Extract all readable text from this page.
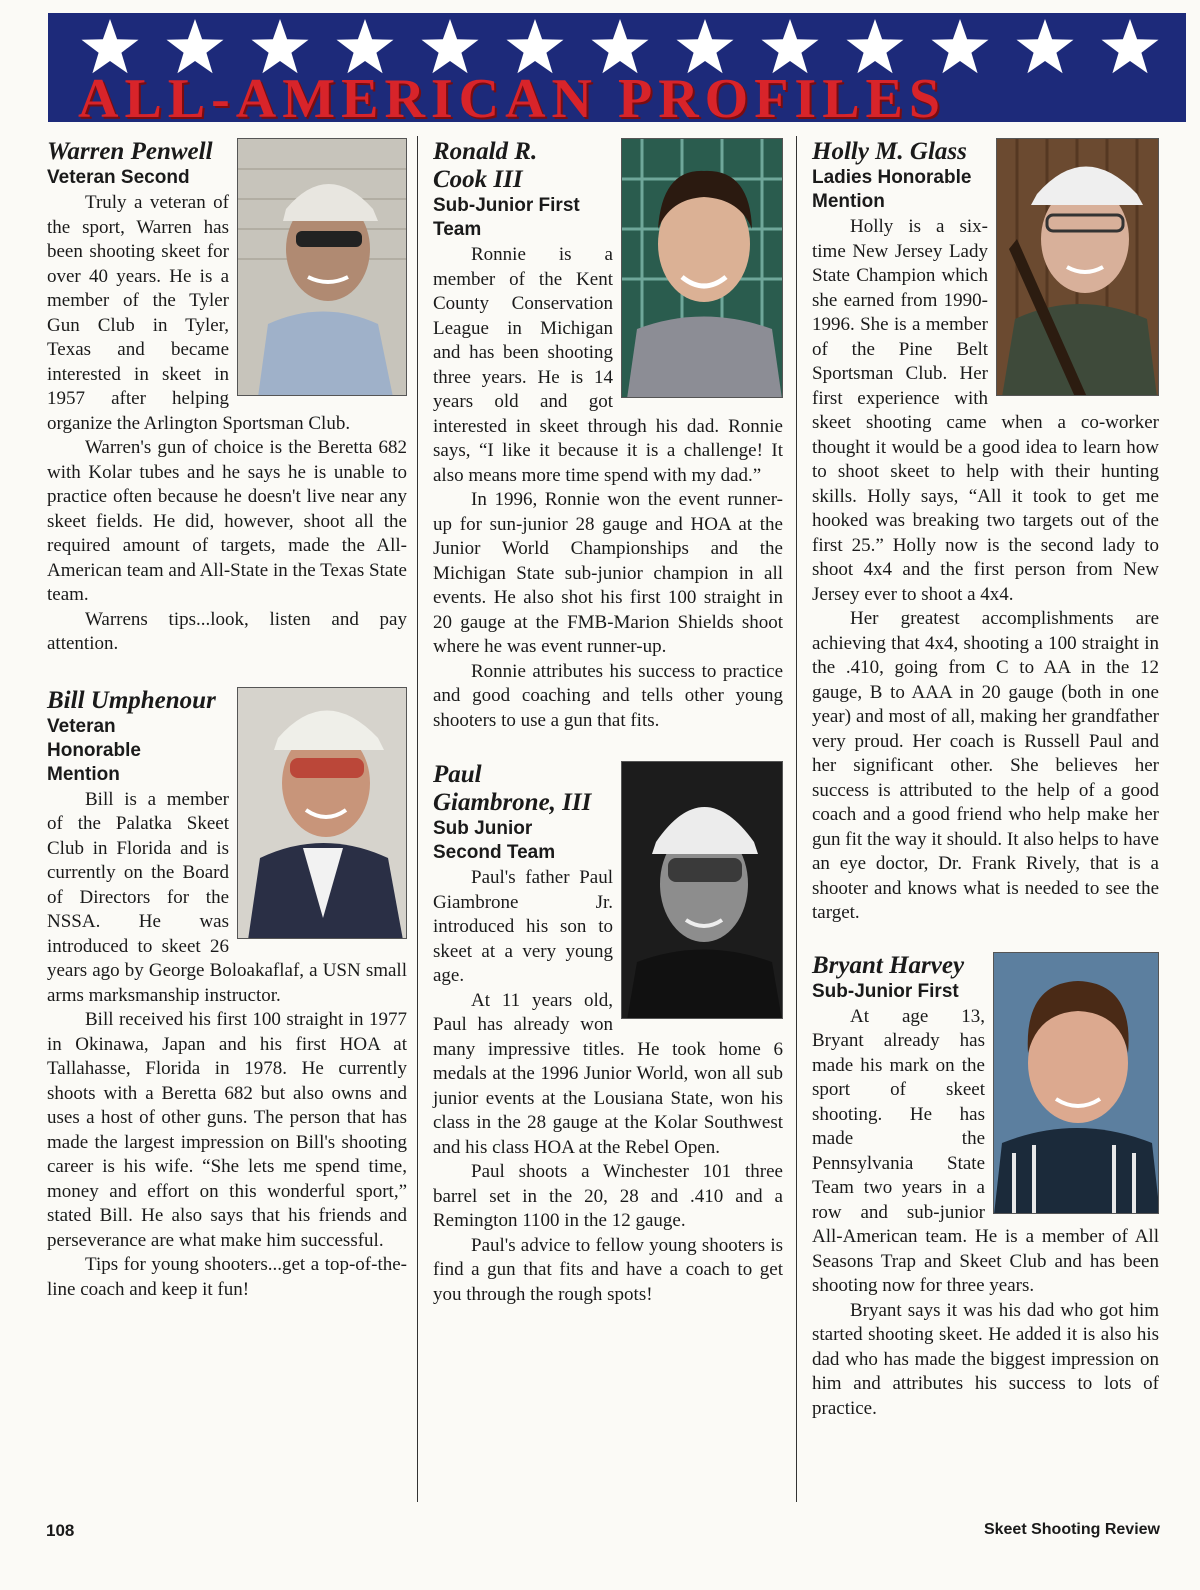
ALL-AMERICAN PROFILES
Warren Penwell
Veteran Second

Truly a veteran of the sport, Warren has been shooting skeet for over 40 years. He is a member of the Tyler Gun Club in Tyler, Texas and became interested in skeet in 1957 after helping organize the Arlington Sportsman Club.

Warren's gun of choice is the Beretta 682 with Kolar tubes and he says he is unable to practice often because he doesn't live near any skeet fields. He did, however, shoot all the required amount of targets, made the All-American team and All-State in the Texas State team.

Warrens tips...look, listen and pay attention.

Bill Umphenour
Veteran Honorable Mention

Bill is a member of the Palatka Skeet Club in Florida and is currently on the Board of Directors for the NSSA. He was introduced to skeet 26 years ago by George Boloakaflaf, a USN small arms marksmanship instructor.

Bill received his first 100 straight in 1977 in Okinawa, Japan and his first HOA at Tallahasse, Florida in 1978. He currently shoots with a Beretta 682 but also owns and uses a host of other guns. The person that has made the largest impression on Bill's shooting career is his wife. “She lets me spend time, money and effort on this wonderful sport,” stated Bill. He also says that his friends and perseverance are what make him successful.

Tips for young shooters...get a top-of-the-line coach and keep it fun!

Ronald R. Cook III
Sub-Junior First Team

Ronnie is a member of the Kent County Conservation League in Michigan and has been shooting three years. He is 14 years old and got interested in skeet through his dad. Ronnie says, “I like it because it is a challenge! It also means more time spend with my dad.”

In 1996, Ronnie won the event runner-up for sun-junior 28 gauge and HOA at the Junior World Championships and the Michigan State sub-junior champion in all events. He also shot his first 100 straight in 20 gauge at the FMB-Marion Shields shoot where he was event runner-up.

Ronnie attributes his success to practice and good coaching and tells other young shooters to use a gun that fits.

Paul Giambrone, III
Sub Junior Second Team

Paul's father Paul Giambrone Jr. introduced his son to skeet at a very young age.

At 11 years old, Paul has already won many impressive titles. He took home 6 medals at the 1996 Junior World, won all sub junior events at the Lousiana State, won his class in the 28 gauge at the Kolar Southwest and his class HOA at the Rebel Open.

Paul shoots a Winchester 101 three barrel set in the 20, 28 and .410 and a Remington 1100 in the 12 gauge.

Paul's advice to fellow young shooters is find a gun that fits and have a coach to get you through the rough spots!

Holly M. Glass
Ladies Honorable Mention

Holly is a six-time New Jersey Lady State Champion which she earned from 1990-1996. She is a member of the Pine Belt Sportsman Club. Her first experience with skeet shooting came when a co-worker thought it would be a good idea to learn how to shoot skeet to help with their hunting skills. Holly says, “All it took to get me hooked was breaking two targets out of the first 25.” Holly now is the second lady to shoot 4x4 and the first person from New Jersey ever to shoot a 4x4.

Her greatest accomplishments are achieving that 4x4, shooting a 100 straight in the .410, going from C to AA in the 12 gauge, B to AAA in 20 gauge (both in one year) and most of all, making her grandfather very proud. Her coach is Russell Paul and her significant other. She believes her success is attributed to the help of a good coach and a good friend who help make her gun fit the way it should. It also helps to have an eye doctor, Dr. Frank Rively, that is a shooter and knows what is needed to see the target.

Bryant Harvey
Sub-Junior First

At age 13, Bryant already has made his mark on the sport of skeet shooting. He has made the Pennsylvania State Team two years in a row and sub-junior All-American team. He is a member of All Seasons Trap and Skeet Club and has been shooting now for three years.

Bryant says it was his dad who got him started shooting skeet. He added it is also his dad who has made the biggest impression on him and attributes his success to lots of practice.

108	Skeet Shooting Review
